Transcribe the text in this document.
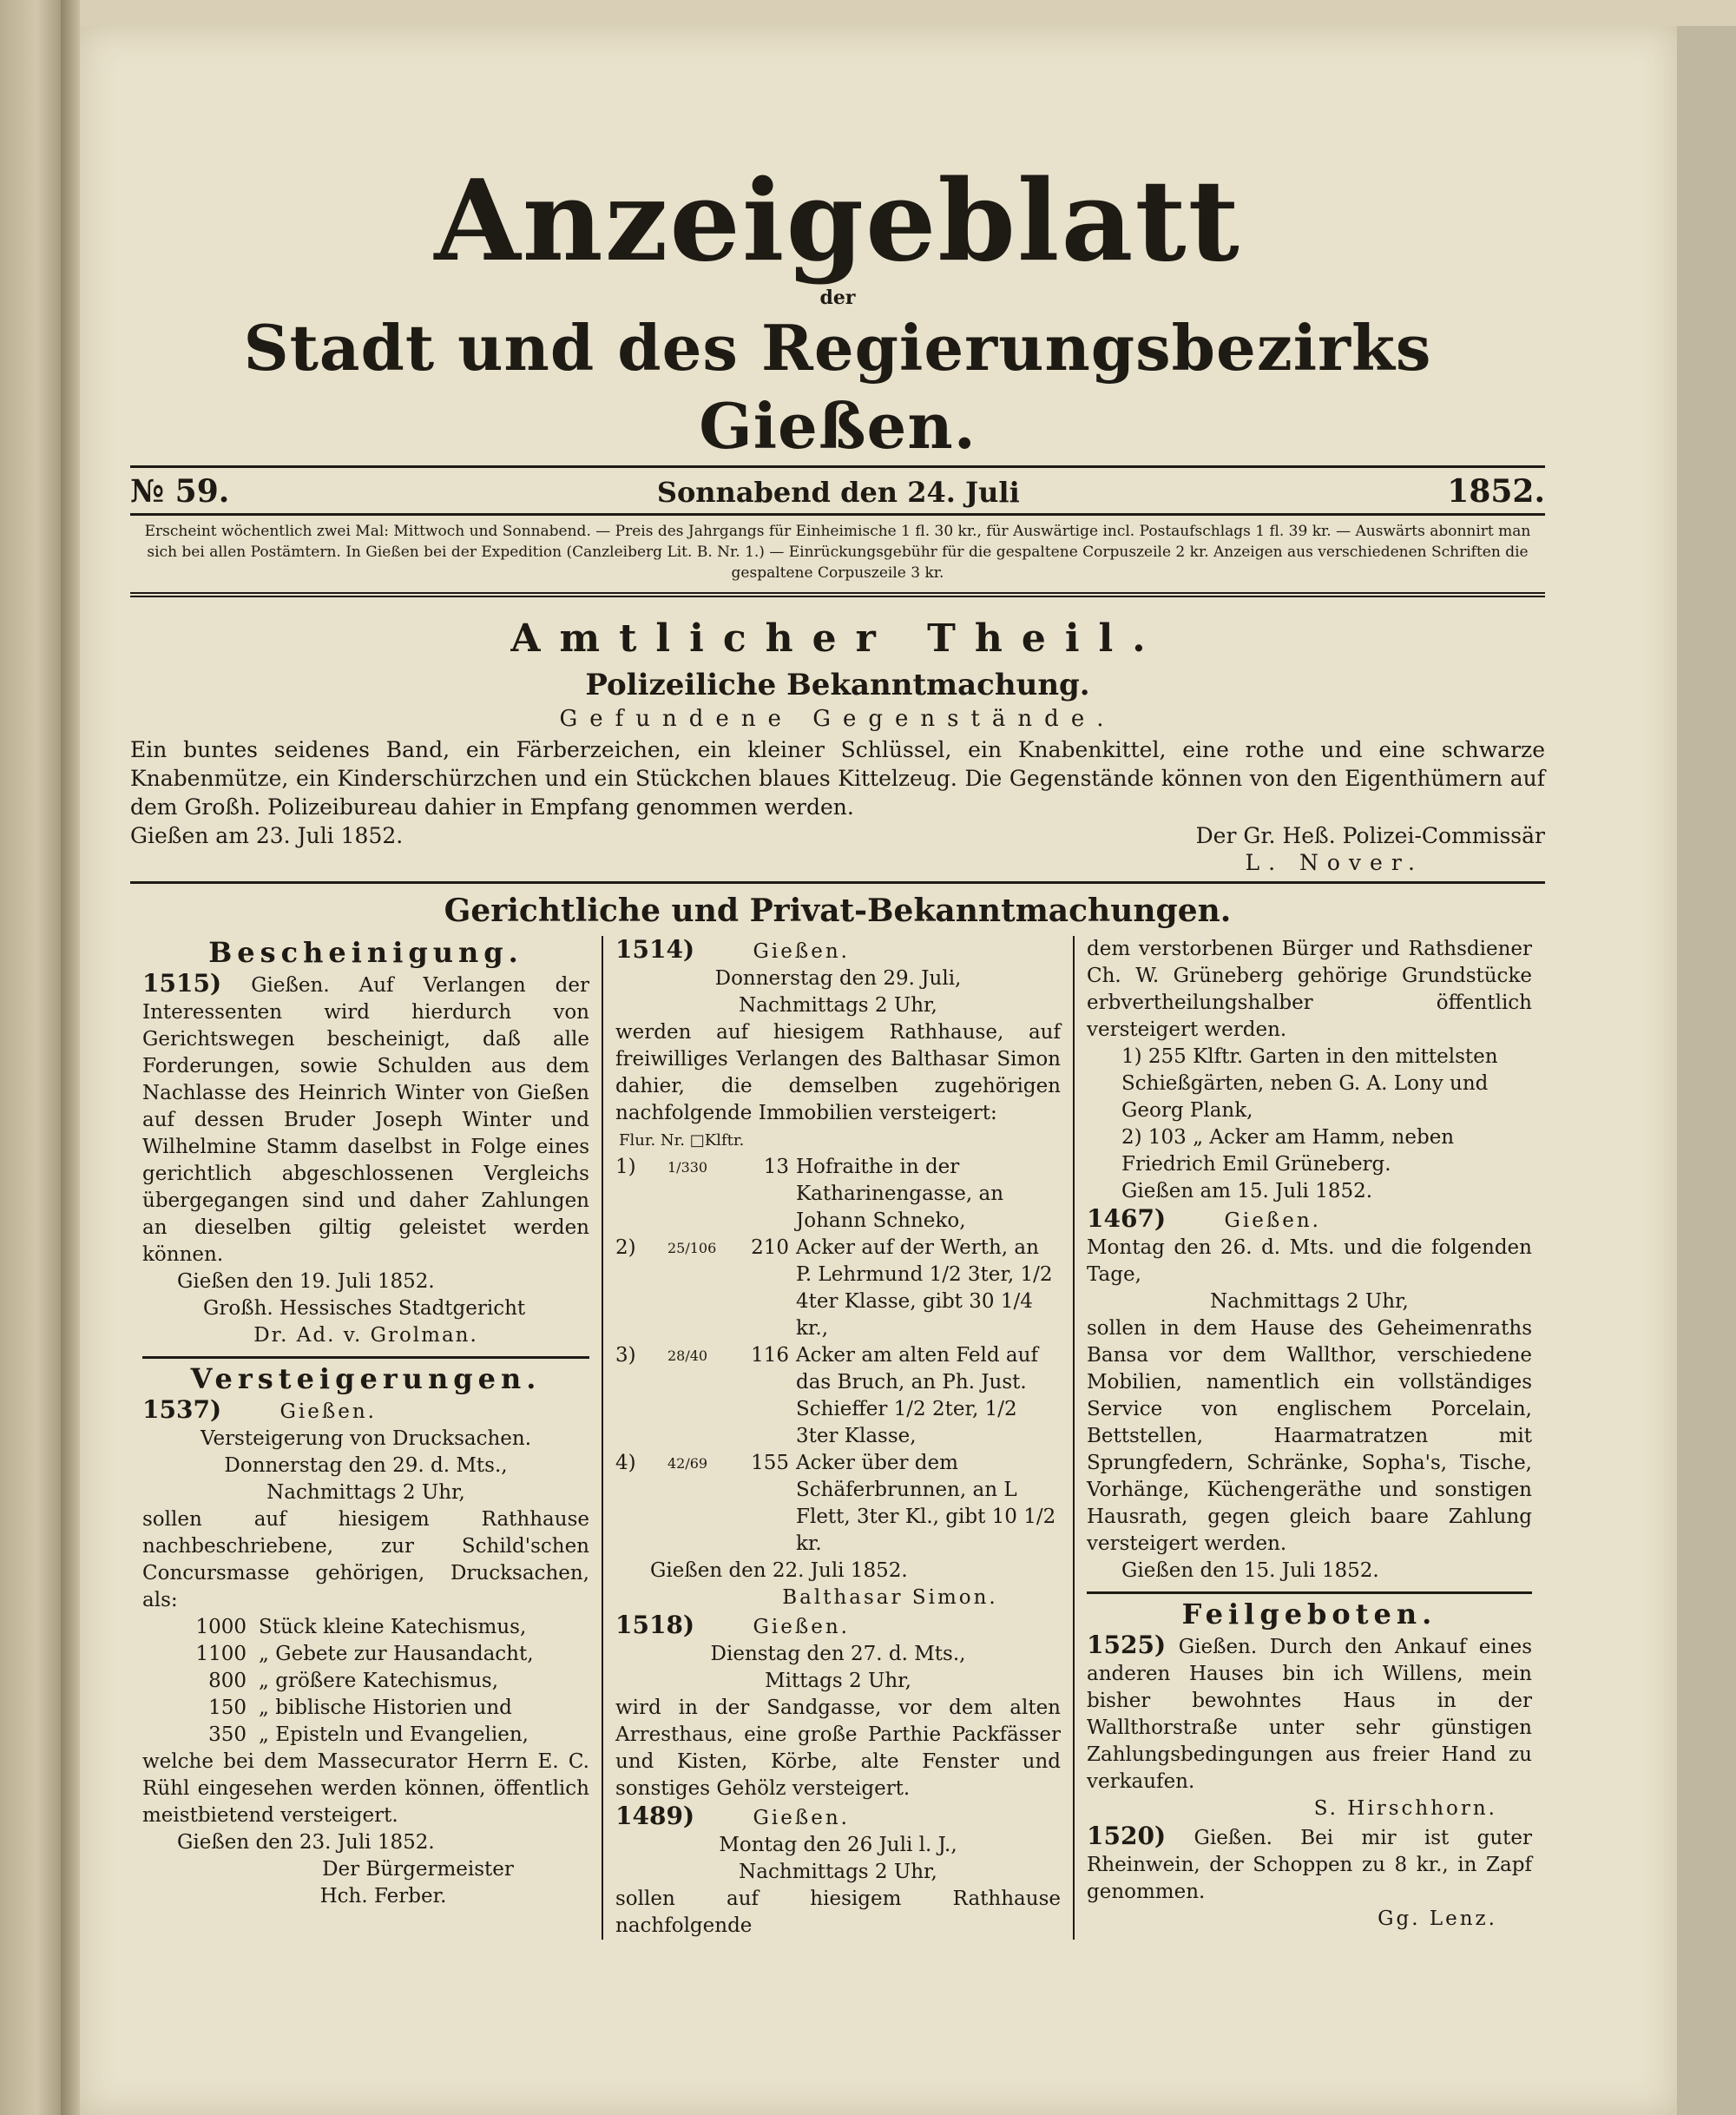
Anzeigeblatt
der
Stadt und des Regierungsbezirks Gießen.
№ 59.	Sonnabend den 24. Juli	1852.
Erscheint wöchentlich zwei Mal: Mittwoch und Sonnabend. — Preis des Jahrgangs für Einheimische 1 fl. 30 kr., für Auswärtige incl. Postaufschlags 1 fl. 39 kr. — Auswärts abonnirt man sich bei allen Postämtern. In Gießen bei der Expedition (Canzleiberg Lit. B. Nr. 1.) — Einrückungsgebühr für die gespaltene Corpuszeile 2 kr. Anzeigen aus verschiedenen Schriften die gespaltene Corpuszeile 3 kr.
Amtlicher Theil.
Polizeiliche Bekanntmachung.
Gefundene Gegenstände.

Ein buntes seidenes Band, ein Färberzeichen, ein kleiner Schlüssel, ein Knabenkittel, eine rothe und eine schwarze Knabenmütze, ein Kinderschürzchen und ein Stückchen blaues Kittelzeug. Die Gegenstände können von den Eigenthümern auf dem Großh. Polizeibureau dahier in Empfang genommen werden.

Gießen am 23. Juli 1852.	Der Gr. Heß. Polizei-Commissär
L. Nover.
Gerichtliche und Privat-Bekanntmachungen.
Bescheinigung.
1515) Gießen. Auf Verlangen der Interessenten wird hierdurch von Gerichtswegen bescheinigt, daß alle Forderungen, sowie Schulden aus dem Nachlasse des Heinrich Winter von Gießen auf dessen Bruder Joseph Winter und Wilhelmine Stamm daselbst in Folge eines gerichtlich abgeschlossenen Vergleichs übergegangen sind und daher Zahlungen an dieselben giltig geleistet werden können.
Gießen den 19. Juli 1852.
Großh. Hessisches Stadtgericht
Dr. Ad. v. Grolman.
Versteigerungen.
1537)	Gießen.
Versteigerung von Drucksachen.
Donnerstag den 29. d. Mts.,
Nachmittags 2 Uhr,
sollen auf hiesigem Rathhause nachbeschriebene, zur Schild'schen Concursmasse gehörigen, Drucksachen, als:
1000 Stück kleine Katechismus,
1100 „ Gebete zur Hausandacht,
800 „ größere Katechismus,
150 „ biblische Historien und
350 „ Episteln und Evangelien,
welche bei dem Massecurator Herrn E. C. Rühl eingesehen werden können, öffentlich meistbietend versteigert.
Gießen den 23. Juli 1852.
Der Bürgermeister
Hch. Ferber.
1514)	Gießen.
Donnerstag den 29. Juli,
Nachmittags 2 Uhr,
werden auf hiesigem Rathhause, auf freiwilliges Verlangen des Balthasar Simon dahier, die demselben zugehörigen nachfolgende Immobilien versteigert:
Flur. Nr. □Klftr.
1)	1/330	13 Hofraithe in der Katharinengasse, an Johann Schneko,
2)	25/106	210 Acker auf der Werth, an P. Lehrmund 1/2 3ter, 1/2 4ter Klasse, gibt 30 1/4 kr.,
3)	28/40	116 Acker am alten Feld auf das Bruch, an Ph. Just. Schieffer 1/2 2ter, 1/2 3ter Klasse,
4)	42/69	155 Acker über dem Schäferbrunnen, an L Flett, 3ter Kl., gibt 10 1/2 kr.
Gießen den 22. Juli 1852.
Balthasar Simon.
1518)	Gießen.
Dienstag den 27. d. Mts.,
Mittags 2 Uhr,
wird in der Sandgasse, vor dem alten Arresthaus, eine große Parthie Packfässer und Kisten, Körbe, alte Fenster und sonstiges Gehölz versteigert.
1489)	Gießen.
Montag den 26 Juli l. J.,
Nachmittags 2 Uhr,
sollen auf hiesigem Rathhause nachfolgende
dem verstorbenen Bürger und Rathsdiener Ch. W. Grüneberg gehörige Grundstücke erbvertheilungshalber öffentlich versteigert werden.
1) 255 Klftr. Garten in den mittelsten Schießgärten, neben G. A. Lony und Georg Plank,
2) 103 „ Acker am Hamm, neben Friedrich Emil Grüneberg.
Gießen am 15. Juli 1852.
1467)	Gießen.
Montag den 26. d. Mts. und die folgenden Tage,
Nachmittags 2 Uhr,
sollen in dem Hause des Geheimenraths Bansa vor dem Wallthor, verschiedene Mobilien, namentlich ein vollständiges Service von englischem Porcelain, Bettstellen, Haarmatratzen mit Sprungfedern, Schränke, Sopha's, Tische, Vorhänge, Küchengeräthe und sonstigen Hausrath, gegen gleich baare Zahlung versteigert werden.
Gießen den 15. Juli 1852.
Feilgeboten.
1525) Gießen. Durch den Ankauf eines anderen Hauses bin ich Willens, mein bisher bewohntes Haus in der Wallthorstraße unter sehr günstigen Zahlungsbedingungen aus freier Hand zu verkaufen.
S. Hirschhorn.
1520) Gießen. Bei mir ist guter Rheinwein, der Schoppen zu 8 kr., in Zapf genommen.
Gg. Lenz.
